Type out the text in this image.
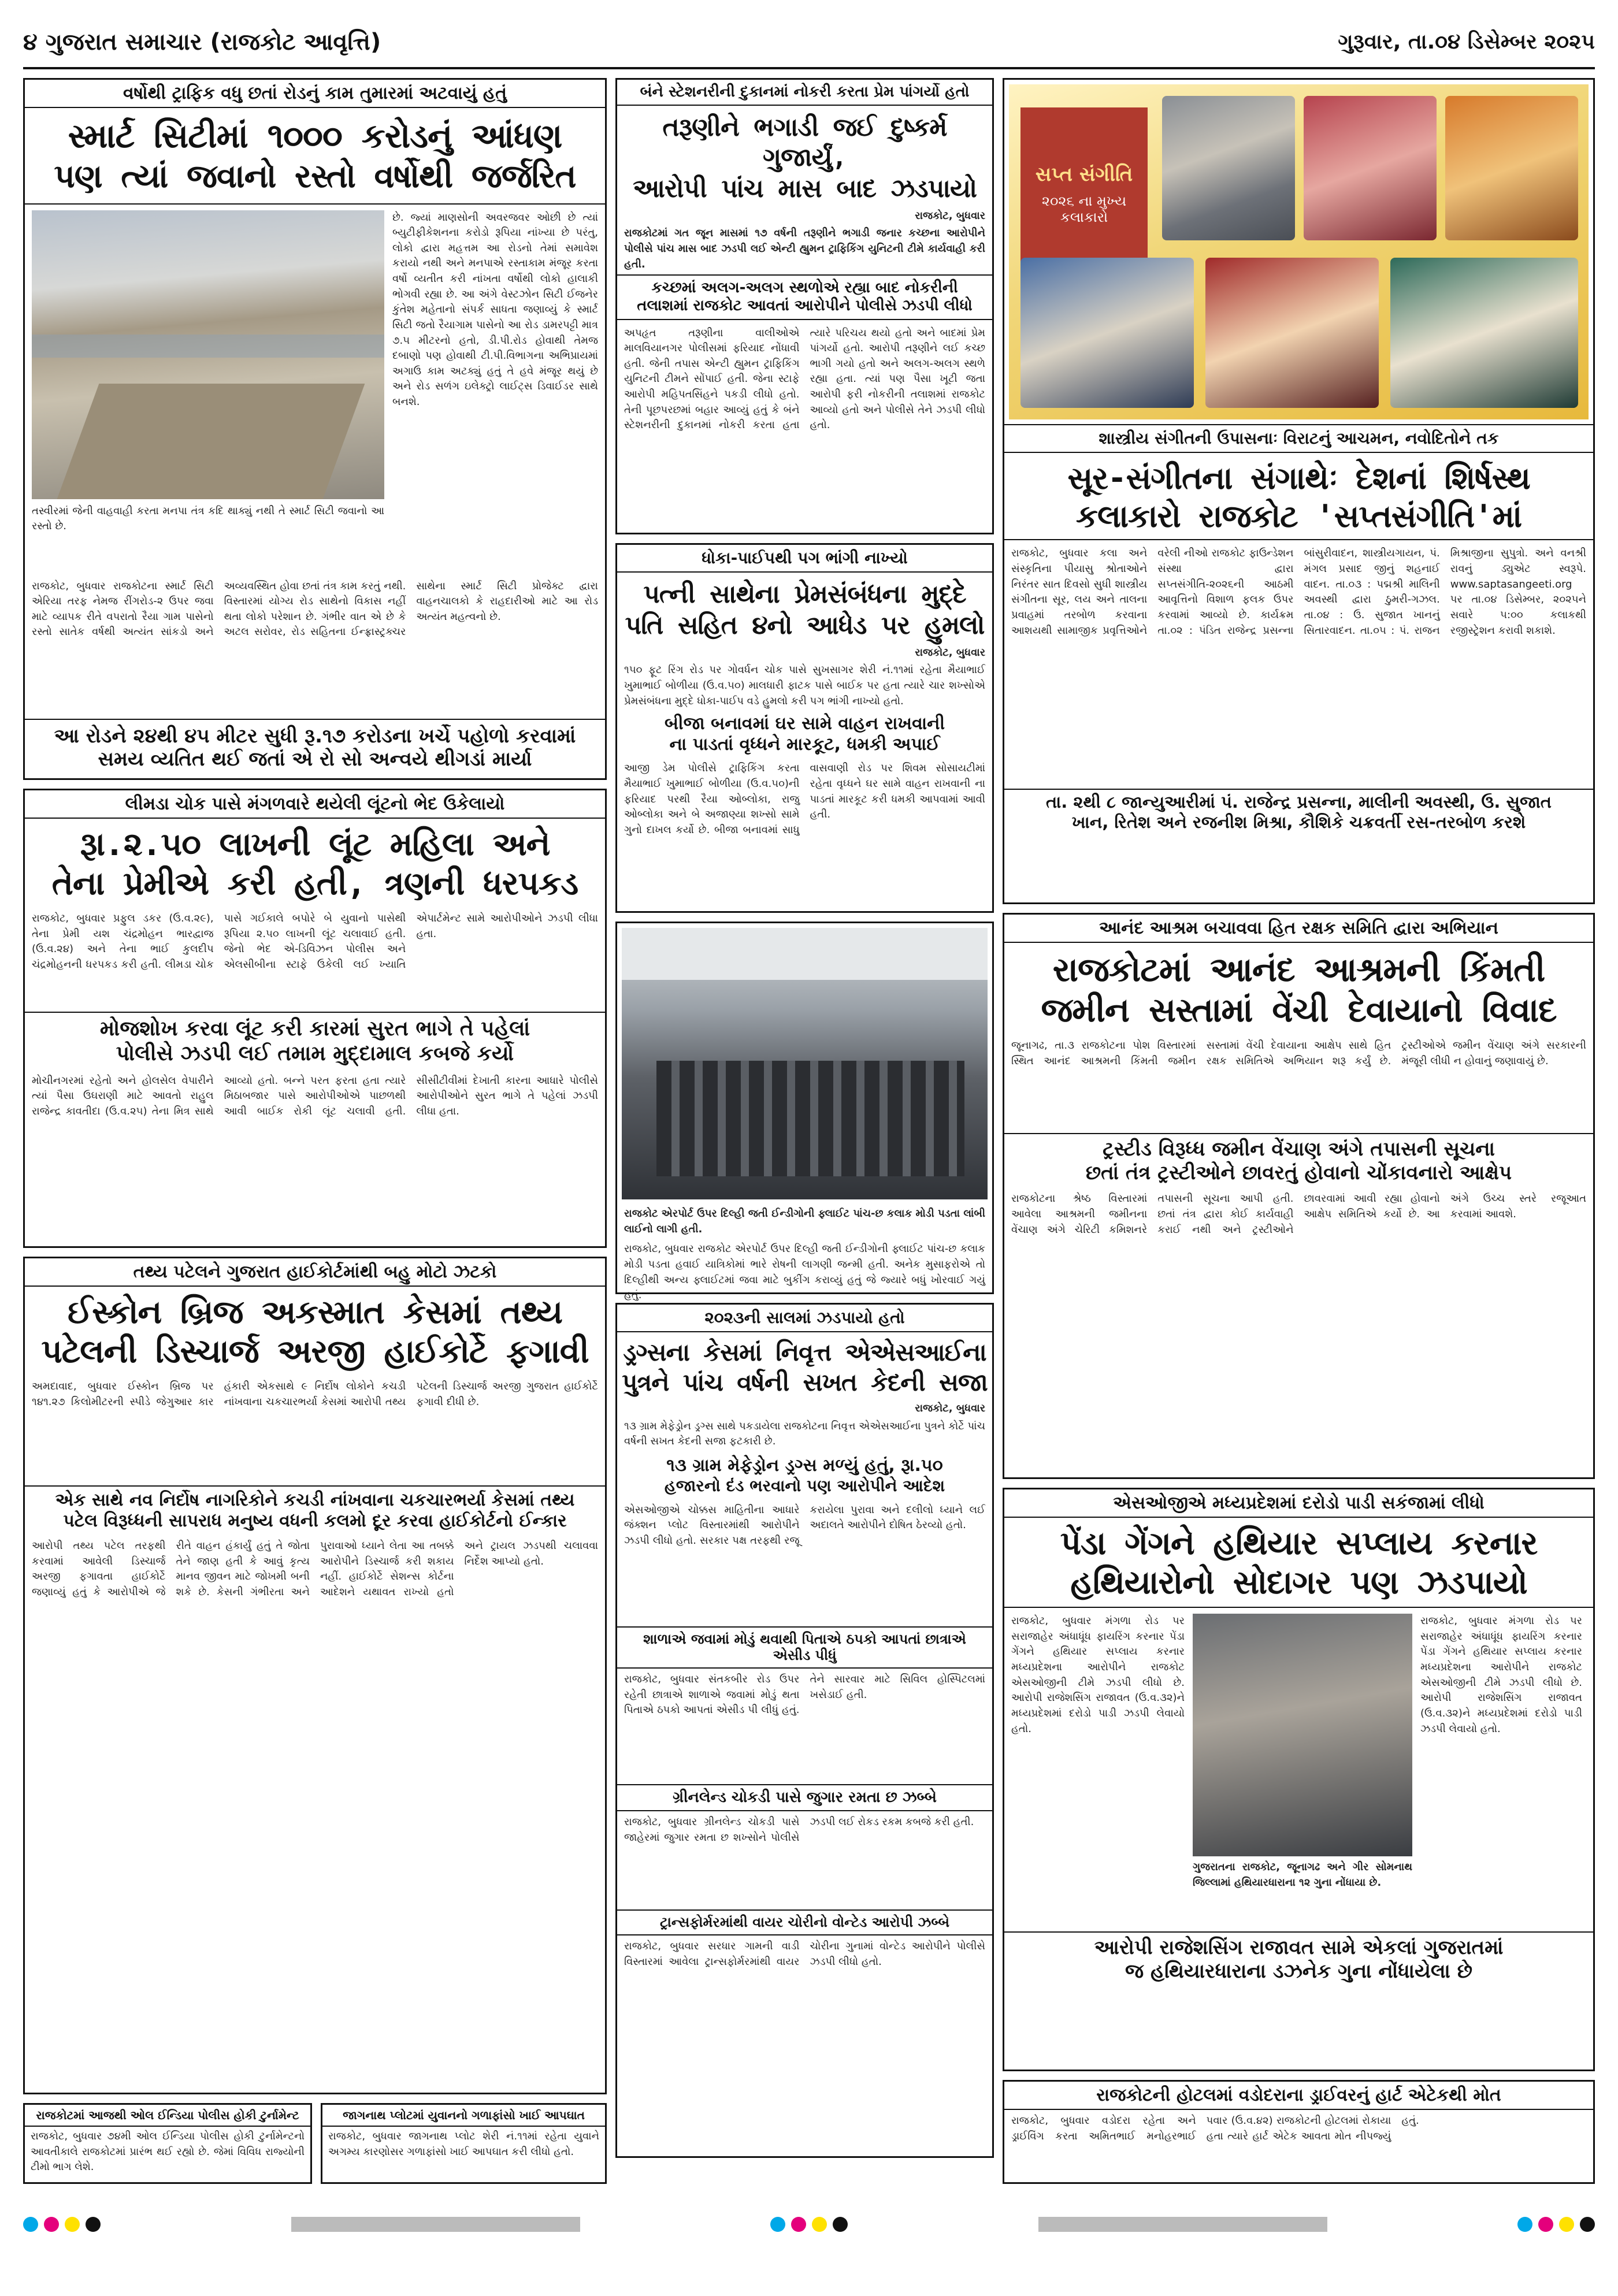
૪ ગુજરાત સમાચાર (રાજકોટ આવૃત્તિ)	ગુરૂવાર, તા.૦૪ ડિસેમ્બર ૨૦૨૫
વર્ષોથી ટ્રાફિક વધુ છતાં રોડનું કામ તુમારમાં અટવાયું હતું
સ્માર્ટ સિટીમાં ૧૦૦૦ કરોડનું આંધણ
પણ ત્યાં જવાનો રસ્તો વર્ષોથી જર્જરિત
તસ્વીરમાં જેની વાહવાહી કરતા મનપા તંત્ર કદિ થાક્યું નથી તે સ્માર્ટ સિટી જવાનો આ રસ્તો છે.
છે. જ્યાં માણસોની અવરજવર ઓછી છે ત્યાં બ્યુટીફીકેશનના કરોડો રૂપિયા નાંખ્યા છે પરંતુ, લોકો દ્વારા મહત્તમ આ રોડનો તેમાં સમાવેશ કરાયો નથી અને મનપાએ રસ્તાકામ મંજૂર કરતા વર્ષો વ્યતીત કરી નાંખતા વર્ષોથી લોકો હાલાકી ભોગવી રહ્યા છે. આ અંગે વેસ્ટઝોન સિટી ઈજનેર કુંતેશ મહેતાનો સંપર્ક સાધતા જણાવ્યું કે સ્માર્ટ સિટી જતો રૈયાગામ પાસેનો આ રોડ ડામરપટ્ટી માત્ર ૭.૫ મીટરનો હતો, ડી.પી.રોડ હોવાથી તેમજ દબાણો પણ હોવાથી ટી.પી.વિભાગના અભિપ્રાયમાં અગાઉ કામ અટક્યું હતું તે હવે મંજૂર થયું છે અને રોડ સળંગ ઇલેક્ટ્રો લાઈટ્સ ડિવાઈડર સાથે બનશે.
રાજકોટ, બુધવાર રાજકોટના સ્માર્ટ સિટી એરિયા તરફ નેમજ રીંગરોડ-૨ ઉપર જવા માટે વ્યાપક રીતે વપરાતો રૈયા ગામ પાસેનો રસ્તો સાતેક વર્ષથી અત્યંત સાંકડો અને અવ્યવસ્થિત હોવા છતાં તંત્ર કામ કરતું નથી. વિસ્તારમાં યોગ્ય રોડ સાથેનો વિકાસ નહીં થતા લોકો પરેશાન છે. ગંભીર વાત એ છે કે અટલ સરોવર, રોડ સહિતના ઈન્ફ્રાસ્ટ્રક્ચર સાથેના સ્માર્ટ સિટી પ્રોજેક્ટ દ્વારા વાહનચાલકો કે રાહદારીઓ માટે આ રોડ અત્યંત મહત્વનો છે.
આ રોડને ૨૪થી ૪૫ મીટર સુધી રૂ.૧૭ કરોડના ખર્ચે પહોળો કરવામાં સમય વ્યતિત થઈ જતાં એ રો સો અન્વયે થીગડાં માર્યા
બંને સ્ટેશનરીની દુકાનમાં નોકરી કરતા પ્રેમ પાંગર્યો હતો
તરૂણીને ભગાડી જઈ દુષ્કર્મ ગુજાર્યું,
આરોપી પાંચ માસ બાદ ઝડપાયો
રાજકોટ, બુધવાર
રાજકોટમાં ગત જૂન માસમાં ૧૭ વર્ષની તરૂણીને ભગાડી જનાર કચ્છના આરોપીને પોલીસે પાંચ માસ બાદ ઝડપી લઈ એન્ટી હ્યુમન ટ્રાફિકિંગ યુનિટની ટીમે કાર્યવાહી કરી હતી.
કચ્છમાં અલગ-અલગ સ્થળોએ રહ્યા બાદ નોકરીની તલાશમાં રાજકોટ આવતાં આરોપીને પોલીસે ઝડપી લીધો
અપહૃત તરૂણીના વાલીઓએ માલવિયાનગર પોલીસમાં ફરિયાદ નોંધાવી હતી. જેની તપાસ એન્ટી હ્યુમન ટ્રાફિકિંગ યુનિટની ટીમને સોંપાઈ હતી. જેના સ્ટાફે આરોપી મહિપતસિંહને પકડી લીધો હતો. તેની પૂછપરછમાં બહાર આવ્યું હતું કે બંને સ્ટેશનરીની દુકાનમાં નોકરી કરતા હતા ત્યારે પરિચય થયો હતો અને બાદમાં પ્રેમ પાંગર્યો હતો. આરોપી તરૂણીને લઈ કચ્છ ભાગી ગયો હતો અને અલગ-અલગ સ્થળે રહ્યા હતા. ત્યાં પણ પૈસા ખૂટી જતા આરોપી ફરી નોકરીની તલાશમાં રાજકોટ આવ્યો હતો અને પોલીસે તેને ઝડપી લીધો હતો.
ધોકા-પાઈપથી પગ ભાંગી નાખ્યો
પત્ની સાથેના પ્રેમસંબંધના મુદ્દે
પતિ સહિત ૪નો આધેડ પર હુમલો
રાજકોટ, બુધવાર
૧૫૦ ફૂટ રિંગ રોડ પર ગોવર્ધન ચોક પાસે સુખસાગર શેરી નં.૧૧માં રહેતા મૈયાભાઈ ખુમાભાઈ બોળીયા (ઉ.વ.૫૦) માલધારી ફાટક પાસે બાઈક પર હતા ત્યારે ચાર શખ્સોએ પ્રેમસંબંધના મુદ્દે ધોકા-પાઈપ વડે હુમલો કરી પગ ભાંગી નાખ્યો હતો.
બીજા બનાવમાં ઘર સામે વાહન રાખવાની
ના પાડતાં વૃધ્ધને મારકૂટ, ધમકી અપાઈ
આજી ડેમ પોલીસે ટ્રાફિકિંગ કરતા મૈયાભાઈ ખુમાભાઈ બોળીયા (ઉ.વ.૫૦)ની ફરિયાદ પરથી રૈયા ઓબ્લોકા, રાજુ ઓબ્લોકા અને બે અજાણ્યા શખ્સો સામે ગુનો દાખલ કર્યો છે. બીજા બનાવમાં સાધુ વાસવાણી રોડ પર શિવમ સોસાયટીમાં રહેતા વૃધ્ધને ઘર સામે વાહન રાખવાની ના પાડતાં મારકૂટ કરી ધમકી આપવામાં આવી હતી.
સપ્ત સંગીતિ
૨૦૨૬ ના મુખ્ય કલાકારો
શાસ્ત્રીય સંગીતની ઉપાસનાઃ વિરાટનું આચમન, નવોદિતોને તક
સૂર-સંગીતના સંગાથેઃ દેશનાં શિર્ષસ્થ
કલાકારો રાજકોટ 'સપ્તસંગીતિ'માં
રાજકોટ, બુધવાર કલા અને સંસ્કૃતિના પીયાસુ શ્રોતાઓને નિરંતર સાત દિવસો સુધી શાસ્ત્રીય સંગીતના સૂર, લય અને તાલના પ્રવાહમાં તરબોળ કરવાના આશયથી સામાજીક પ્રવૃત્તિઓને વરેલી નીઓ રાજકોટ ફાઉન્ડેશન સંસ્થા દ્વારા સપ્તસંગીતિ-૨૦૨૬ની આઠમી આવૃત્તિનો વિશાળ ફલક ઉપર કરવામાં આવ્યો છે. કાર્યક્રમ તા.૦૨ : પંડિત રાજેન્દ્ર પ્રસન્ના બાંસુરીવાદન, શાસ્ત્રીયગાયન, પં. મંગલ પ્રસાદ જીનું શહનાઈ વાદન. તા.૦૩ : પદ્મશ્રી માલિની અવસ્થી દ્વારા ઠુમરી-ગઝલ. તા.૦૪ : ઉ. સુજાત ખાનનું સિતારવાદન. તા.૦૫ : પં. રાજન મિશ્રાજીના સુપુત્રો. અને વનશ્રી રાવનું ડ્યુએટ સ્વરૂપે. www.saptasangeeti.org પર તા.૦૪ ડિસેમ્બર, ૨૦૨૫ને સવારે ૫:૦૦ કલાકથી રજીસ્ટ્રેશન કરાવી શકાશે.
તા. ૨થી ૮ જાન્યુઆરીમાં પં. રાજેન્દ્ર પ્રસન્ના, માલીની અવસ્થી, ઉ. સુજાત
ખાન, રિતેશ અને રજનીશ મિશ્રા, કૌશિકે ચક્રવર્તી રસ-તરબોળ કરશે
લીમડા ચોક પાસે મંગળવારે થયેલી લૂંટનો ભેદ ઉકેલાયો
રૂા.૨.૫૦ લાખની લૂંટ મહિલા અને
તેના પ્રેમીએ કરી હતી, ત્રણની ધરપકડ
રાજકોટ, બુધવાર પ્રફુલ ડકર (ઉ.વ.૨૯), તેના પ્રેમી યશ ચંદ્રમોહન ભારદ્વાજ (ઉ.વ.૨૪) અને તેના ભાઈ કુલદીપ ચંદ્રમોહનની ધરપકડ કરી હતી. લીમડા ચોક પાસે ગઈકાલે બપોરે બે યુવાનો પાસેથી રૂપિયા ૨.૫૦ લાખની લૂંટ ચલાવાઈ હતી. જેનો ભેદ એ-ડિવિઝન પોલીસ અને એલસીબીના સ્ટાફે ઉકેલી લઈ ખ્યાતિ એપાર્ટમેન્ટ સામે આરોપીઓને ઝડપી લીધા હતા.
મોજશોખ કરવા લૂંટ કરી કારમાં સુરત ભાગે તે પહેલાં
પોલીસે ઝડપી લઈ તમામ મુદ્દામાલ કબજે કર્યો
મોચીનગરમાં રહેતો અને હોલસેલ વેપારીને ત્યાં પૈસા ઉઘરાણી માટે આવતો રાહુલ રાજેન્દ્ર કાવતીદા (ઉ.વ.૨૫) તેના મિત્ર સાથે આવ્યો હતો. બન્ને પરત ફરતા હતા ત્યારે મિઠાબજાર પાસે આરોપીઓએ પાછળથી આવી બાઈક રોકી લૂંટ ચલાવી હતી. સીસીટીવીમાં દેખાતી કારના આધારે પોલીસે આરોપીઓને સુરત ભાગે તે પહેલાં ઝડપી લીધા હતા.
રાજકોટ એરપોર્ટ ઉપર દિલ્હી જતી ઈન્ડીગોની ફ્લાઈટ પાંચ-છ કલાક મોડી પડતા લાંબી લાઈનો લાગી હતી.
રાજકોટ, બુધવાર રાજકોટ એરપોર્ટ ઉપર દિલ્હી જતી ઈન્ડીગોની ફ્લાઈટ પાંચ-છ કલાક મોડી પડતા હવાઈ યાત્રિકોમાં ભારે રોષની લાગણી જન્મી હતી. અનેક મુસાફરોએ તો દિલ્હીથી અન્ય ફ્લાઈટમાં જવા માટે બુકીંગ કરાવ્યું હતું જે જ્યારે બધું ખોરવાઈ ગયું હતું.
આનંદ આશ્રમ બચાવવા હિત રક્ષક સમિતિ દ્વારા અભિયાન
રાજકોટમાં આનંદ આશ્રમની કિંમતી
જમીન સસ્તામાં વેંચી દેવાયાનો વિવાદ
જૂનાગઢ, તા.૩ રાજકોટના પોશ વિસ્તારમાં સ્થિત આનંદ આશ્રમની કિંમતી જમીન સસ્તામાં વેંચી દેવાયાના આક્ષેપ સાથે હિત રક્ષક સમિતિએ અભિયાન શરૂ કર્યું છે. ટ્રસ્ટીઓએ જમીન વેંચાણ અંગે સરકારની મંજૂરી લીધી ન હોવાનું જણાવાયું છે.
ટ્રસ્ટીડ વિરૂધ્ધ જમીન વેંચાણ અંગે તપાસની સૂચના
છતાં તંત્ર ટ્રસ્ટીઓને છાવરતું હોવાનો ચોંકાવનારો આક્ષેપ
રાજકોટના શ્રેષ્ઠ વિસ્તારમાં આવેલા આશ્રમની જમીનના વેંચાણ અંગે ચેરિટી કમિશનરે તપાસની સૂચના આપી હતી. છતાં તંત્ર દ્વારા કોઈ કાર્યવાહી કરાઈ નથી અને ટ્રસ્ટીઓને છાવરવામાં આવી રહ્યા હોવાનો આક્ષેપ સમિતિએ કર્યો છે. આ અંગે ઉચ્ચ સ્તરે રજૂઆત કરવામાં આવશે.
તથ્ય પટેલને ગુજરાત હાઈકોર્ટમાંથી બહુ મોટો ઝટકો
ઈસ્કોન બ્રિજ અકસ્માત કેસમાં તથ્ય
પટેલની ડિસ્ચાર્જ અરજી હાઈકોર્ટે ફગાવી
અમદાવાદ, બુધવાર ઈસ્કોન બ્રિજ પર ૧૪૧.૨૭ કિલોમીટરની સ્પીડે જેગુઆર કાર હંકારી એકસાથે ૯ નિર્દોષ લોકોને કચડી નાંખવાના ચકચારભર્યા કેસમાં આરોપી તથ્ય પટેલની ડિસ્ચાર્જ અરજી ગુજરાત હાઈકોર્ટે ફગાવી દીધી છે.
એક સાથે નવ નિર્દોષ નાગરિકોને કચડી નાંખવાના ચકચારભર્યા કેસમાં તથ્ય
પટેલ વિરૂધ્ધની સાપરાધ મનુષ્ય વધની કલમો દૂર કરવા હાઈકોર્ટનો ઈન્કાર
આરોપી તથ્ય પટેલ તરફથી કરવામાં આવેલી ડિસ્ચાર્જ અરજી ફગાવતા હાઈકોર્ટે જણાવ્યું હતું કે આરોપીએ જે રીતે વાહન હંકાર્યું હતું તે જોતા તેને જાણ હતી કે આવું કૃત્ય માનવ જીવન માટે જોખમી બની શકે છે. કેસની ગંભીરતા અને પુરાવાઓ ધ્યાને લેતા આ તબક્કે આરોપીને ડિસ્ચાર્જ કરી શકાય નહીં. હાઈકોર્ટે સેશન્સ કોર્ટના આદેશને યથાવત રાખ્યો હતો અને ટ્રાયલ ઝડપથી ચલાવવા નિર્દેશ આપ્યો હતો.
૨૦૨૩ની સાલમાં ઝડપાયો હતો
ડ્રગ્સના કેસમાં નિવૃત્ત એએસઆઈના
પુત્રને પાંચ વર્ષની સખત કેદની સજા
રાજકોટ, બુધવાર
૧૩ ગ્રામ મેફેડ્રોન ડ્રગ્સ સાથે પકડાયેલા રાજકોટના નિવૃત્ત એએસઆઈના પુત્રને કોર્ટે પાંચ વર્ષની સખત કેદની સજા ફટકારી છે.
૧૩ ગ્રામ મેફેડ્રોન ડ્રગ્સ મળ્યું હતું, રૂા.૫૦
હજારનો દંડ ભરવાનો પણ આરોપીને આદેશ
એસઓજીએ ચોક્કસ માહિતીના આધારે જંક્શન પ્લોટ વિસ્તારમાંથી આરોપીને ઝડપી લીધો હતો. સરકાર પક્ષ તરફથી રજૂ કરાયેલા પુરાવા અને દલીલો ધ્યાને લઈ અદાલતે આરોપીને દોષિત ઠેરવ્યો હતો.
શાળાએ જવામાં મોડું થવાથી પિતાએ ઠપકો આપતાં છાત્રાએ એસીડ પીધું
રાજકોટ, બુધવાર સંતકબીર રોડ ઉપર રહેતી છાત્રાએ શાળાએ જવામાં મોડું થતા પિતાએ ઠપકો આપતાં એસીડ પી લીધું હતું. તેને સારવાર માટે સિવિલ હોસ્પિટલમાં ખસેડાઈ હતી.
ગ્રીનલેન્ડ ચોકડી પાસે જુગાર રમતા છ ઝબ્બે
રાજકોટ, બુધવાર ગ્રીનલેન્ડ ચોકડી પાસે જાહેરમાં જુગાર રમતા છ શખ્સોને પોલીસે ઝડપી લઈ રોકડ રકમ કબજે કરી હતી.
ટ્રાન્સફોર્મરમાંથી વાયર ચોરીનો વોન્ટેડ આરોપી ઝબ્બે
રાજકોટ, બુધવાર સરધાર ગામની વાડી વિસ્તારમાં આવેલા ટ્રાન્સફોર્મરમાંથી વાયર ચોરીના ગુનામાં વોન્ટેડ આરોપીને પોલીસે ઝડપી લીધો હતો.
એસઓજીએ મધ્યપ્રદેશમાં દરોડો પાડી સકંજામાં લીધો
પેંડા ગેંગને હથિયાર સપ્લાય કરનાર
હથિયારોનો સોદાગર પણ ઝડપાયો
રાજકોટ, બુધવાર મંગળા રોડ પર સરાજાહેર અંધાધૂંધ ફાયરિંગ કરનાર પેંડા ગેંગને હથિયાર સપ્લાય કરનાર મધ્યપ્રદેશના આરોપીને રાજકોટ એસઓજીની ટીમે ઝડપી લીધો છે. આરોપી રાજેશસિંગ રાજાવત (ઉ.વ.૩૨)ને મધ્યપ્રદેશમાં દરોડો પાડી ઝડપી લેવાયો હતો.
ગુજરાતના રાજકોટ, જૂનાગઢ અને ગીર સોમનાથ જિલ્લામાં હથિયારધારાના ૧૨ ગુના નોંધાયા છે.
રાજકોટ, બુધવાર મંગળા રોડ પર સરાજાહેર અંધાધૂંધ ફાયરિંગ કરનાર પેંડા ગેંગને હથિયાર સપ્લાય કરનાર મધ્યપ્રદેશના આરોપીને રાજકોટ એસઓજીની ટીમે ઝડપી લીધો છે. આરોપી રાજેશસિંગ રાજાવત (ઉ.વ.૩૨)ને મધ્યપ્રદેશમાં દરોડો પાડી ઝડપી લેવાયો હતો.
આરોપી રાજેશસિંગ રાજાવત સામે એકલાં ગુજરાતમાં
જ હથિયારધારાના ડઝનેક ગુના નોંધાયેલા છે
રાજકોટની હોટલમાં વડોદરાના ડ્રાઈવરનું હાર્ટ એટેકથી મોત
રાજકોટ, બુધવાર વડોદરા રહેતા અને ડ્રાઈવિંગ કરતા અમિતભાઈ મનોહરભાઈ પવાર (ઉ.વ.૪૨) રાજકોટની હોટલમાં રોકાયા હતા ત્યારે હાર્ટ એટેક આવતા મોત નીપજ્યું હતું.
રાજકોટમાં આજથી ઓલ ઈન્ડિયા પોલીસ હોકી ટુર્નામેન્ટ
રાજકોટ, બુધવાર ૭૪મી ઓલ ઈન્ડિયા પોલીસ હોકી ટુર્નામેન્ટનો આવતીકાલે રાજકોટમાં પ્રારંભ થઈ રહ્યો છે. જેમાં વિવિધ રાજ્યોની ટીમો ભાગ લેશે.
જાગનાથ પ્લોટમાં યુવાનનો ગળાફાંસો ખાઈ આપઘાત
રાજકોટ, બુધવાર જાગનાથ પ્લોટ શેરી નં.૧૧માં રહેતા યુવાને અગમ્ય કારણોસર ગળાફાંસો ખાઈ આપઘાત કરી લીધો હતો.
